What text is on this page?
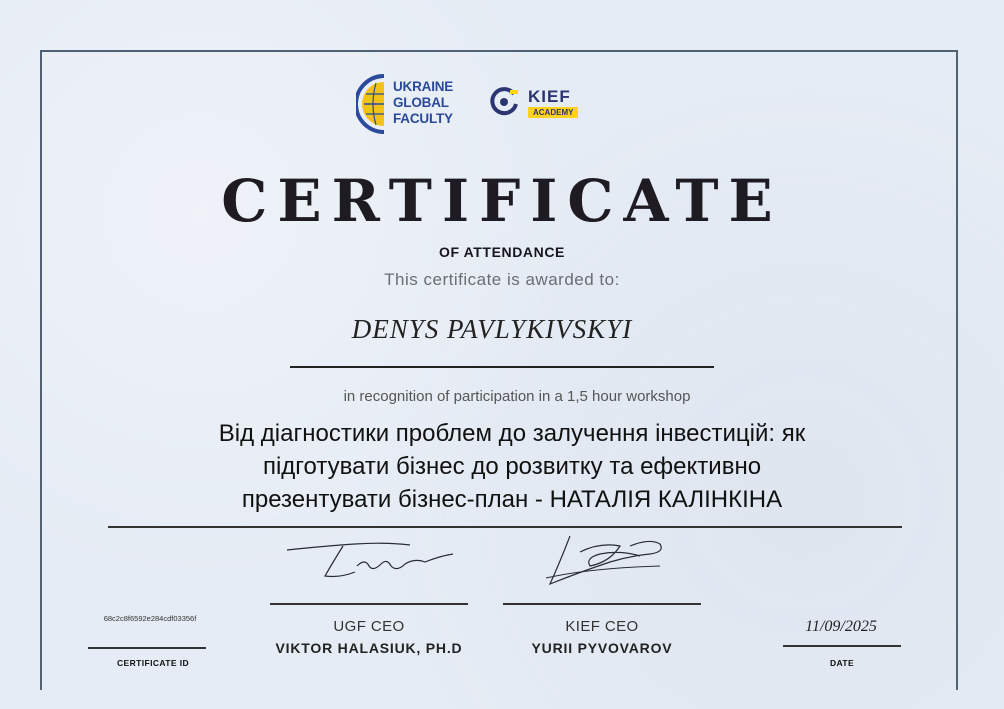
UKRAINE
GLOBAL
FACULTY
KIEF
ACADEMY
CERTIFICATE
OF ATTENDANCE
This certificate is awarded to:
DENYS PAVLYKIVSKYI
in recognition of participation in a 1,5 hour workshop
Від діагностики проблем до залучення інвестицій: як
підготувати бізнес до розвитку та ефективно
презентувати бізнес-план - НАТАЛІЯ КАЛІНКІНА
UGF CEO
VIKTOR HALASIUK, PH.D
KIEF CEO
YURII PYVOVAROV
68c2c8f6592e284cdf03356f
CERTIFICATE ID
11/09/2025
DATE
